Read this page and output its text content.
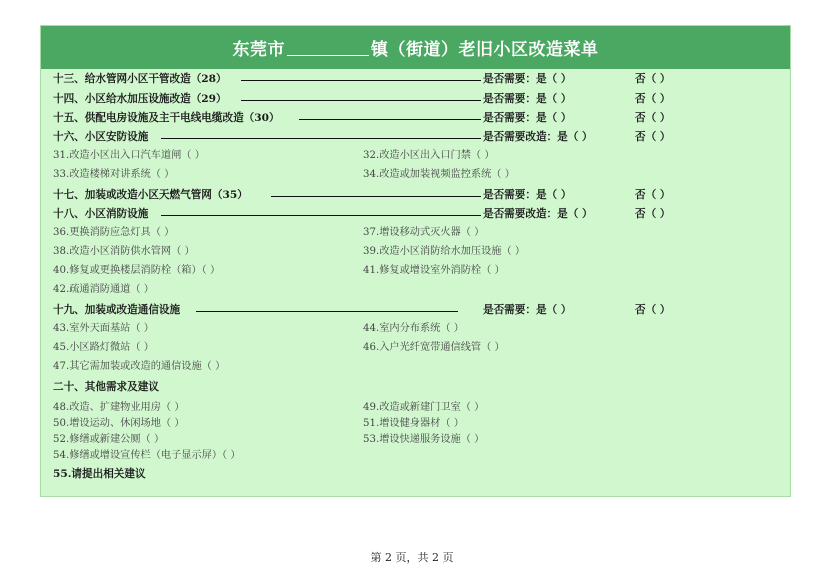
东莞市	镇（街道）老旧小区改造菜单
十三、给水管网小区干管改造（28）	是否需要：是（ ）	否（ ）
十四、小区给水加压设施改造（29）	是否需要：是（ ）	否（ ）
十五、供配电房设施及主干电线电缆改造（30）	是否需要：是（ ）	否（ ）
十六、小区安防设施	是否需要改造：是（ ）	否（ ）
31.改造小区出入口汽车道闸（ ）	32.改造小区出入口门禁（ ）
33.改造楼梯对讲系统（ ）	34.改造或加装视频监控系统（ ）
十七、加装或改造小区天燃气管网（35）	是否需要：是（ ）	否（ ）
十八、小区消防设施	是否需要改造：是（ ）	否（ ）
36.更换消防应急灯具（ ）	37.增设移动式灭火器（ ）
38.改造小区消防供水管网（ ）	39.改造小区消防给水加压设施（ ）
40.修复或更换楼层消防栓（箱）（ ）	41.修复或增设室外消防栓（ ）
42.疏通消防通道（ ）
十九、加装或改造通信设施	是否需要：是（ ）	否（ ）
43.室外天面基站（ ）	44.室内分布系统（ ）
45.小区路灯微站（ ）	46.入户光纤宽带通信线管（ ）
47.其它需加装或改造的通信设施（ ）
二十、其他需求及建议
48.改造、扩建物业用房（ ）	49.改造或新建门卫室（ ）
50.增设运动、休闲场地（ ）	51.增设健身器材（ ）
52.修缮或新建公厕（ ）	53.增设快递服务设施（ ）
54.修缮或增设宣传栏（电子显示屏）（ ）
55.请提出相关建议
第 2 页，共 2 页
